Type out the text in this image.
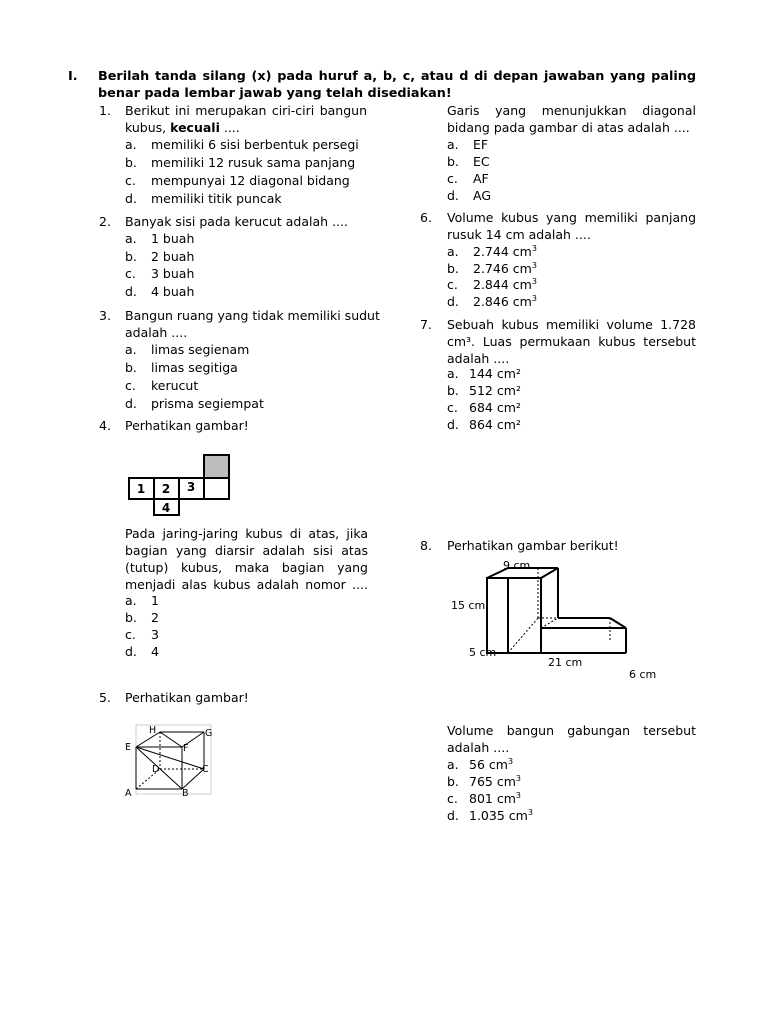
I. Berilah tanda silang (x) pada huruf a, b, c, atau d di depan jawaban yang paling benar pada lembar jawab yang telah disediakan!
1. Berikut ini merupakan ciri-ciri bangun
kubus, kecuali ....
a. memiliki 6 sisi berbentuk persegi
b. memiliki 12 rusuk sama panjang
c. mempunyai 12 diagonal bidang
d. memiliki titik puncak
2. Banyak sisi pada kerucut adalah ....
a. 1 buah
b. 2 buah
c. 3 buah
d. 4 buah
3. Bangun ruang yang tidak memiliki sudut
adalah ....
a. limas segienam
b. limas segitiga
c. kerucut
d. prisma segiempat
4. Perhatikan gambar!
1 2 3
4
Pada jaring-jaring kubus di atas, jika
bagian yang diarsir adalah sisi atas
(tutup) kubus, maka bagian yang
menjadi alas kubus adalah nomor ....
a. 1
b. 2
c. 3
d. 4
5. Perhatikan gambar!
H	G
E	F
D	C
A	B
Garis yang menunjukkan diagonal
bidang pada gambar di atas adalah ....
a. EF
b. EC
c. AF
d. AG
6. Volume kubus yang memiliki panjang
rusuk 14 cm adalah ....
a. 2.744 $cm^3$
b. 2.746 $cm^3$
c. 2.844 $cm^3$
d. 2.846 $cm^3$
7. Sebuah kubus memiliki volume 1.728
cm³. Luas permukaan kubus tersebut
adalah ....
a. 144 cm²
b. 512 cm²
c. 684 cm²
d. 864 cm²
8. Perhatikan gambar berikut!
9 cm
15 cm
5 cm
21 cm
6 cm
Volume bangun gabungan tersebut
adalah ....
a. 56 $cm^3$
b. 765 $cm^3$
c. 801 $cm^3$
d. 1.035 $cm^3$
